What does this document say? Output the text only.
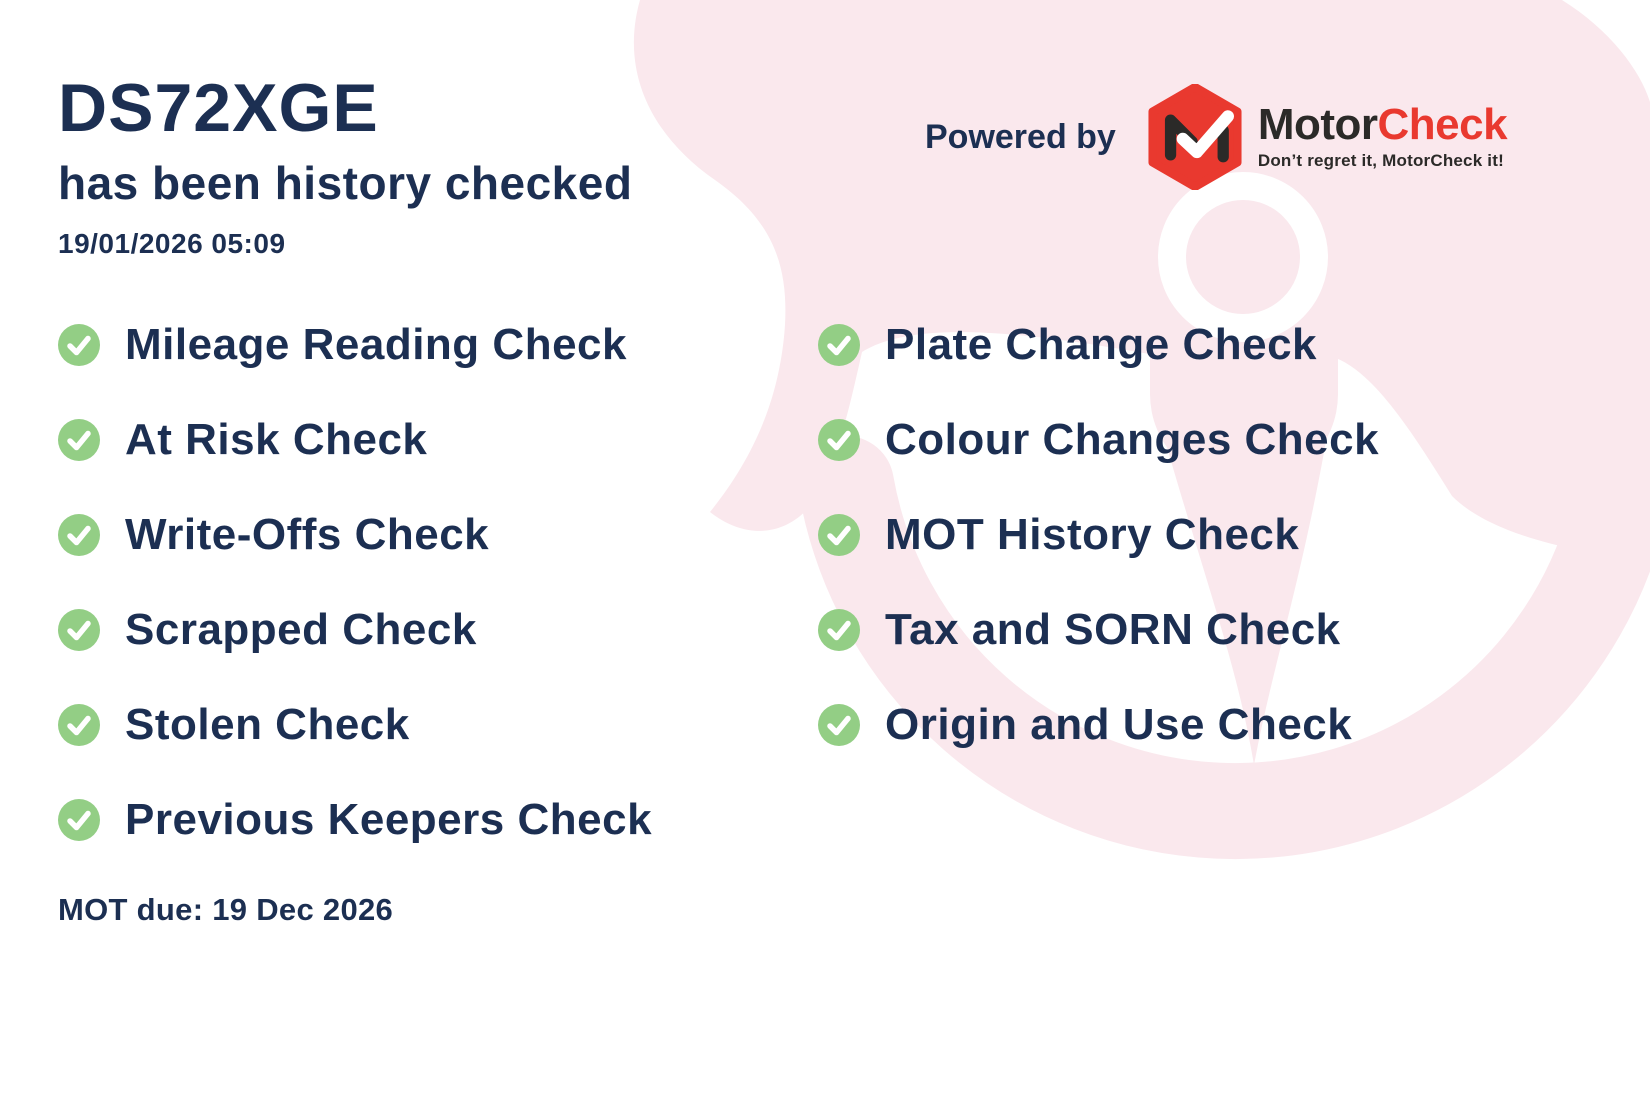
DS72XGE
has been history checked
19/01/2026 05:09
Powered by	MotorCheck
Don’t regret it, MotorCheck it!
Mileage Reading Check
At Risk Check
Write-Offs Check
Scrapped Check
Stolen Check
Previous Keepers Check
Plate Change Check
Colour Changes Check
MOT History Check
Tax and SORN Check
Origin and Use Check
MOT due: 19 Dec 2026
